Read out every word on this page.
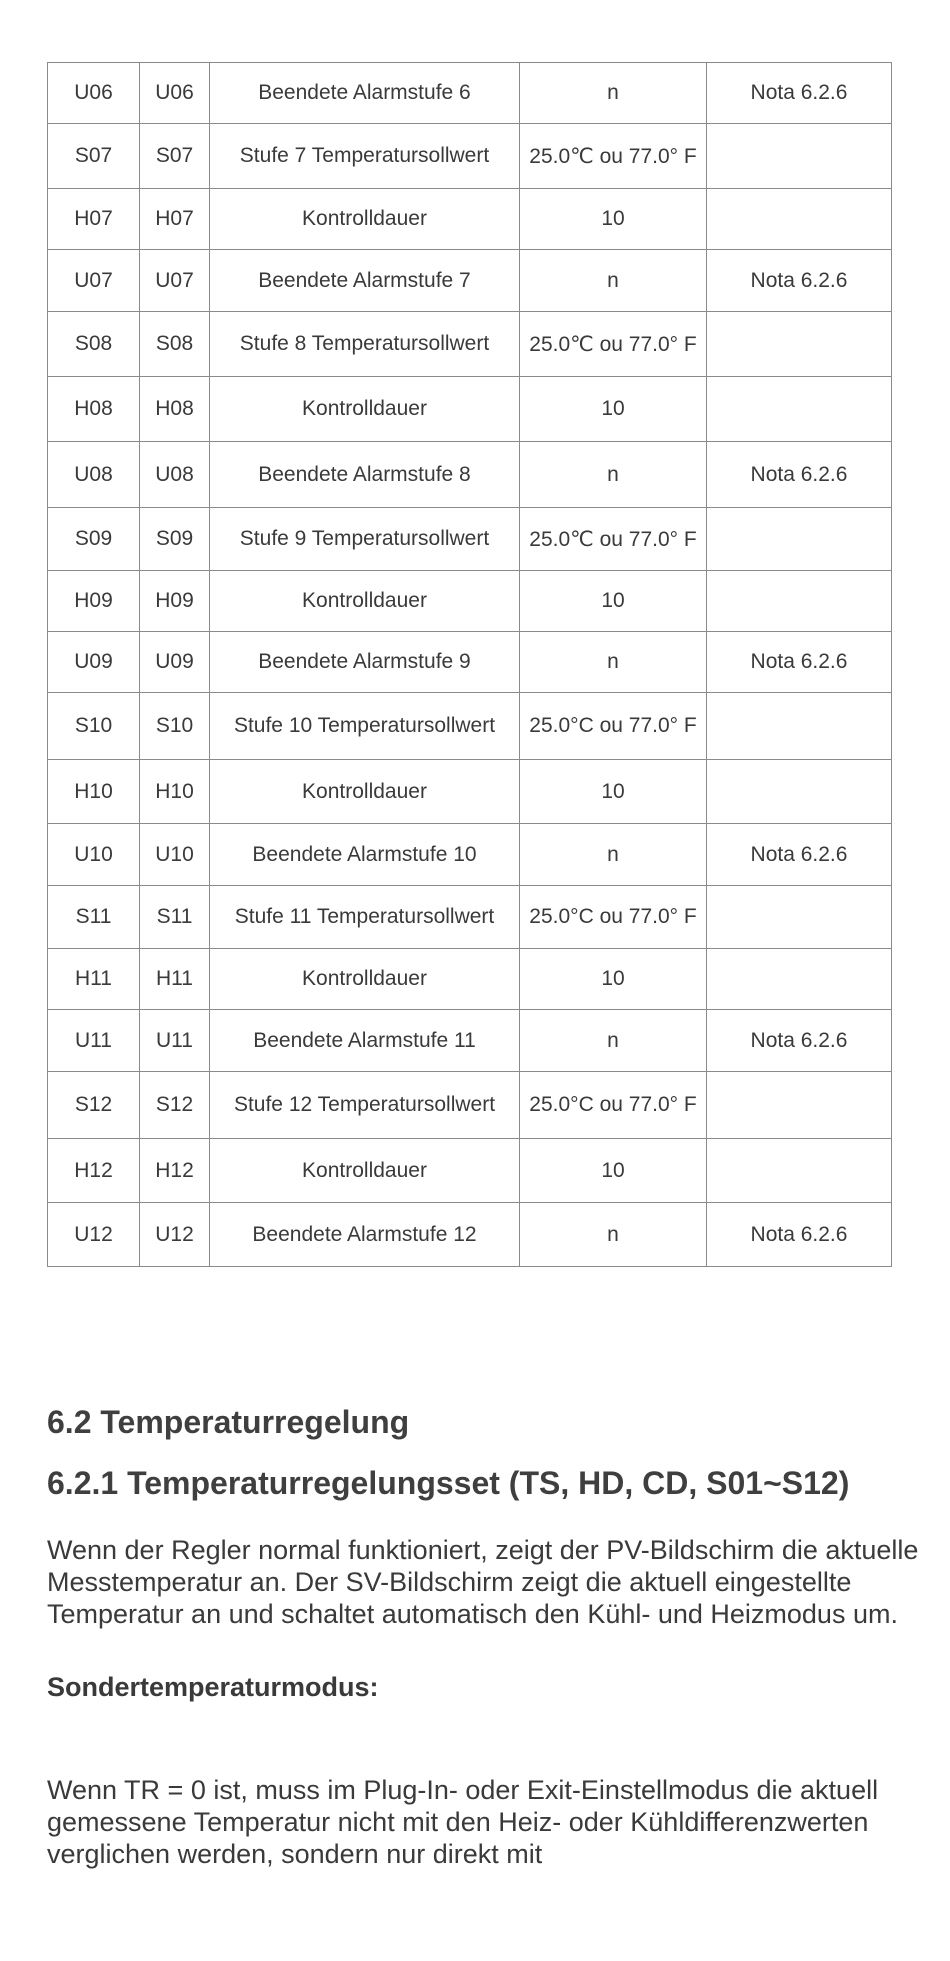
U06	U06	Beendete Alarmstufe 6	n	Nota 6.2.6
S07	S07	Stufe 7 Temperatursollwert	25.0℃ ou 77.0° F	
H07	H07	Kontrolldauer	10	
U07	U07	Beendete Alarmstufe 7	n	Nota 6.2.6
S08	S08	Stufe 8 Temperatursollwert	25.0℃ ou 77.0° F	
H08	H08	Kontrolldauer	10	
U08	U08	Beendete Alarmstufe 8	n	Nota 6.2.6
S09	S09	Stufe 9 Temperatursollwert	25.0℃ ou 77.0° F	
H09	H09	Kontrolldauer	10	
U09	U09	Beendete Alarmstufe 9	n	Nota 6.2.6
S10	S10	Stufe 10 Temperatursollwert	25.0°C ou 77.0° F	
H10	H10	Kontrolldauer	10	
U10	U10	Beendete Alarmstufe 10	n	Nota 6.2.6
S11	S11	Stufe 11 Temperatursollwert	25.0°C ou 77.0° F	
H11	H11	Kontrolldauer	10	
U11	U11	Beendete Alarmstufe 11	n	Nota 6.2.6
S12	S12	Stufe 12 Temperatursollwert	25.0°C ou 77.0° F	
H12	H12	Kontrolldauer	10	
U12	U12	Beendete Alarmstufe 12	n	Nota 6.2.6
6.2 Temperaturregelung
6.2.1 Temperaturregelungsset (TS, HD, CD, S01~S12)

Wenn der Regler normal funktioniert, zeigt der PV-Bildschirm die aktuelle Messtemperatur an. Der SV-Bildschirm zeigt die aktuell eingestellte Temperatur an und schaltet automatisch den Kühl- und Heizmodus um.

Sondertemperaturmodus:

Wenn TR = 0 ist, muss im Plug-In- oder Exit-Einstellmodus die aktuell gemessene Temperatur nicht mit den Heiz- oder Kühldifferenzwerten verglichen werden, sondern nur direkt mit
